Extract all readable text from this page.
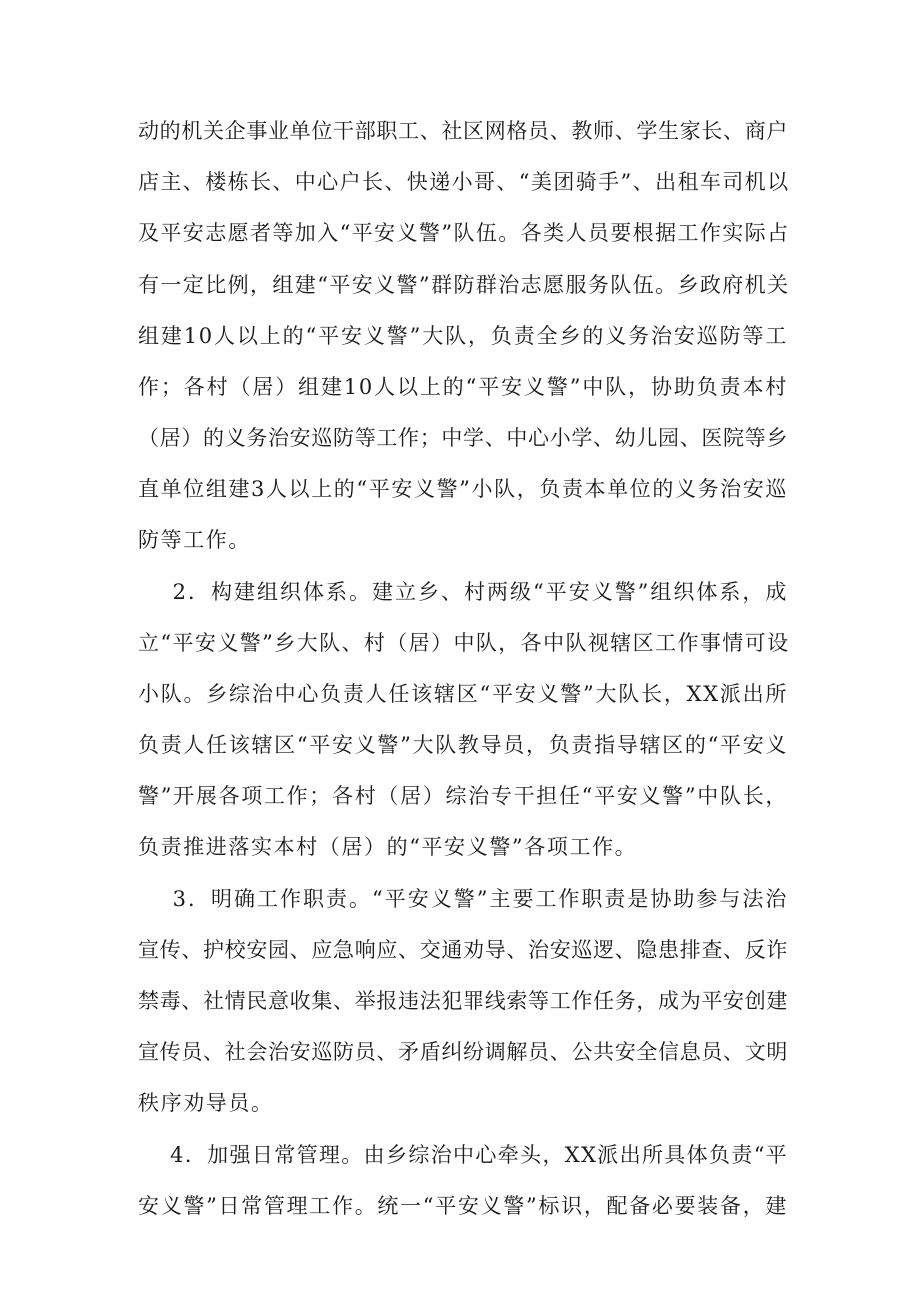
动的机关企事业单位干部职工、社区网格员、教师、学生家长、商户
店主、楼栋长、中心户长、快递小哥、“美团骑手”、出租车司机以
及平安志愿者等加入“平安义警”队伍。各类人员要根据工作实际占
有一定比例，组建“平安义警”群防群治志愿服务队伍。乡政府机关
组建10人以上的“平安义警”大队，负责全乡的义务治安巡防等工
作；各村（居）组建10人以上的“平安义警”中队，协助负责本村
（居）的义务治安巡防等工作；中学、中心小学、幼儿园、医院等乡
直单位组建3人以上的“平安义警”小队，负责本单位的义务治安巡
防等工作。
2．构建组织体系。建立乡、村两级“平安义警”组织体系，成
立“平安义警”乡大队、村（居）中队，各中队视辖区工作事情可设
小队。乡综治中心负责人任该辖区“平安义警”大队长，XX派出所
负责人任该辖区“平安义警”大队教导员，负责指导辖区的“平安义
警”开展各项工作；各村（居）综治专干担任“平安义警”中队长，
负责推进落实本村（居）的“平安义警”各项工作。
3．明确工作职责。“平安义警”主要工作职责是协助参与法治
宣传、护校安园、应急响应、交通劝导、治安巡逻、隐患排查、反诈
禁毒、社情民意收集、举报违法犯罪线索等工作任务，成为平安创建
宣传员、社会治安巡防员、矛盾纠纷调解员、公共安全信息员、文明
秩序劝导员。
4．加强日常管理。由乡综治中心牵头，XX派出所具体负责“平
安义警”日常管理工作。统一“平安义警”标识，配备必要装备，建
